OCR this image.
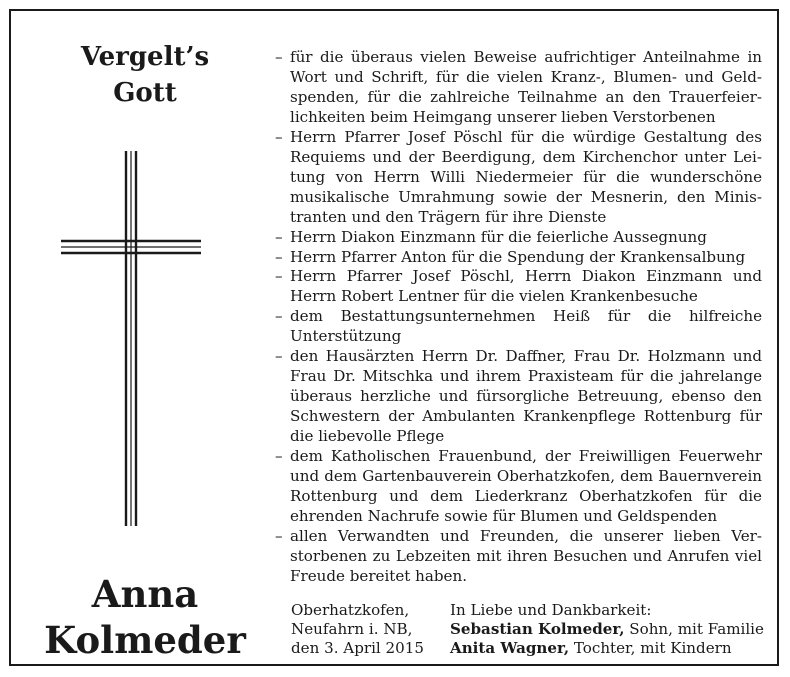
Vergelt’s

Gott

Anna
Kolmeder
– für die überaus vielen Beweise aufrichtiger Anteilnahme in Wort und Schrift, für die vielen Kranz-, Blumen- und Geldspenden, für die zahlreiche Teilnahme an den Trauerfeierlichkeiten beim Heimgang unserer lieben Verstorbenen
– Herrn Pfarrer Josef Pöschl für die würdige Gestaltung des Requiems und der Beerdigung, dem Kirchenchor unter Leitung von Herrn Willi Niedermeier für die wunderschöne musikalische Umrahmung sowie der Mesnerin, den Ministranten und den Trägern für ihre Dienste
– Herrn Diakon Einzmann für die feierliche Aussegnung
– Herrn Pfarrer Anton für die Spendung der Krankensalbung
– Herrn Pfarrer Josef Pöschl, Herrn Diakon Einzmann und Herrn Robert Lentner für die vielen Krankenbesuche
– dem Bestattungsunternehmen Heiß für die hilfreiche Unterstützung
– den Hausärzten Herrn Dr. Daffner, Frau Dr. Holzmann und Frau Dr. Mitschka und ihrem Praxisteam für die jahrelange überaus herzliche und fürsorgliche Betreuung, ebenso den Schwestern der Ambulanten Krankenpflege Rottenburg für die liebevolle Pflege
– dem Katholischen Frauenbund, der Freiwilligen Feuerwehr und dem Gartenbauverein Oberhatzkofen, dem Bauernverein Rottenburg und dem Liederkranz Oberhatzkofen für die ehrenden Nachrufe sowie für Blumen und Geldspenden
– allen Verwandten und Freunden, die unserer lieben Verstorbenen zu Lebzeiten mit ihren Besuchen und Anrufen viel Freude bereitet haben.
Oberhatzkofen,
Neufahrn i. NB,
den 3. April 2015
In Liebe und Dankbarkeit:
Sebastian Kolmeder, Sohn, mit Familie
Anita Wagner, Tochter, mit Kindern
